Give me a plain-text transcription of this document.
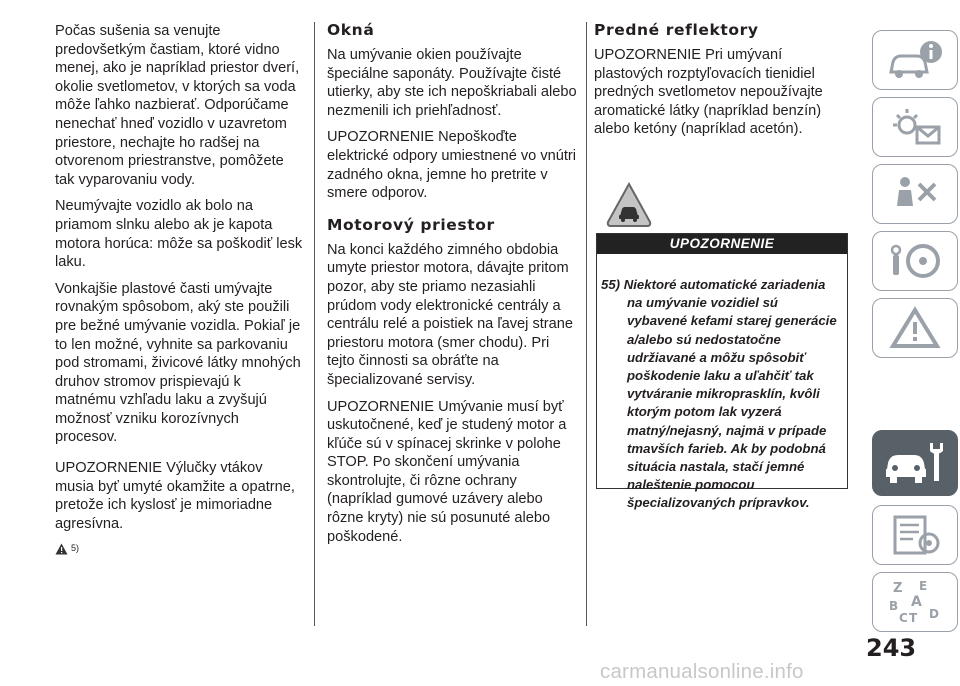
Počas sušenia sa venujte predovšetkým častiam, ktoré vidno menej, ako je napríklad priestor dverí, okolie svetlometov, v ktorých sa voda môže ľahko nazbierať. Odporúčame nenechať hneď vozidlo v uzavretom priestore, nechajte ho radšej na otvorenom priestranstve, pomôžete tak vyparovaniu vody.

Neumývajte vozidlo ak bolo na priamom slnku alebo ak je kapota motora horúca: môže sa poškodiť lesk laku.

Vonkajšie plastové časti umývajte rovnakým spôsobom, aký ste použili pre bežné umývanie vozidla. Pokiaľ je to len možné, vyhnite sa parkovaniu pod stromami, živicové látky mnohých druhov stromov prispievajú k matnému vzhľadu laku a zvyšujú možnosť vzniku korozívnych procesov.

UPOZORNENIE Výlučky vtákov musia byť umyté okamžite a opatrne, pretože ich kyslosť je mimoriadne agresívna.

5)
Okná

Na umývanie okien používajte špeciálne saponáty. Používajte čisté utierky, aby ste ich nepoškriabali alebo nezmenili ich priehľadnosť.

UPOZORNENIE Nepoškoďte elektrické odpory umiestnené vo vnútri zadného okna, jemne ho pretrite v smere odporov.

Motorový priestor

Na konci každého zimného obdobia umyte priestor motora, dávajte pritom pozor, aby ste priamo nezasiahli prúdom vody elektronické centrály a centrálu relé a poistiek na ľavej strane priestoru motora (smer chodu). Pri tejto činnosti sa obráťte na špecializované servisy.

UPOZORNENIE Umývanie musí byť uskutočnené, keď je studený motor a kľúče sú v spínacej skrinke v polohe STOP. Po skončení umývania skontrolujte, či rôzne ochrany (napríklad gumové uzávery alebo rôzne kryty) nie sú posunuté alebo poškodené.

Predné reflektory

UPOZORNENIE Pri umývaní plastových rozptyľovacích tienidiel predných svetlometov nepoužívajte aromatické látky (napríklad benzín) alebo ketóny (napríklad acetón).

UPOZORNENIE
55) Niektoré automatické zariadenia na umývanie vozidiel sú vybavené kefami starej generácie a/alebo sú nedostatočne udržiavané a môžu spôsobiť poškodenie laku a uľahčiť tak vytváranie mikroprasklín, kvôli ktorým potom lak vyzerá matný/nejasný, najmä v prípade tmavších farieb. Ak by podobná situácia nastala, stačí jemné naleštenie pomocou špecializovaných prípravkov.
Z E
A
B
C T D
243
carmanualsonline.info
